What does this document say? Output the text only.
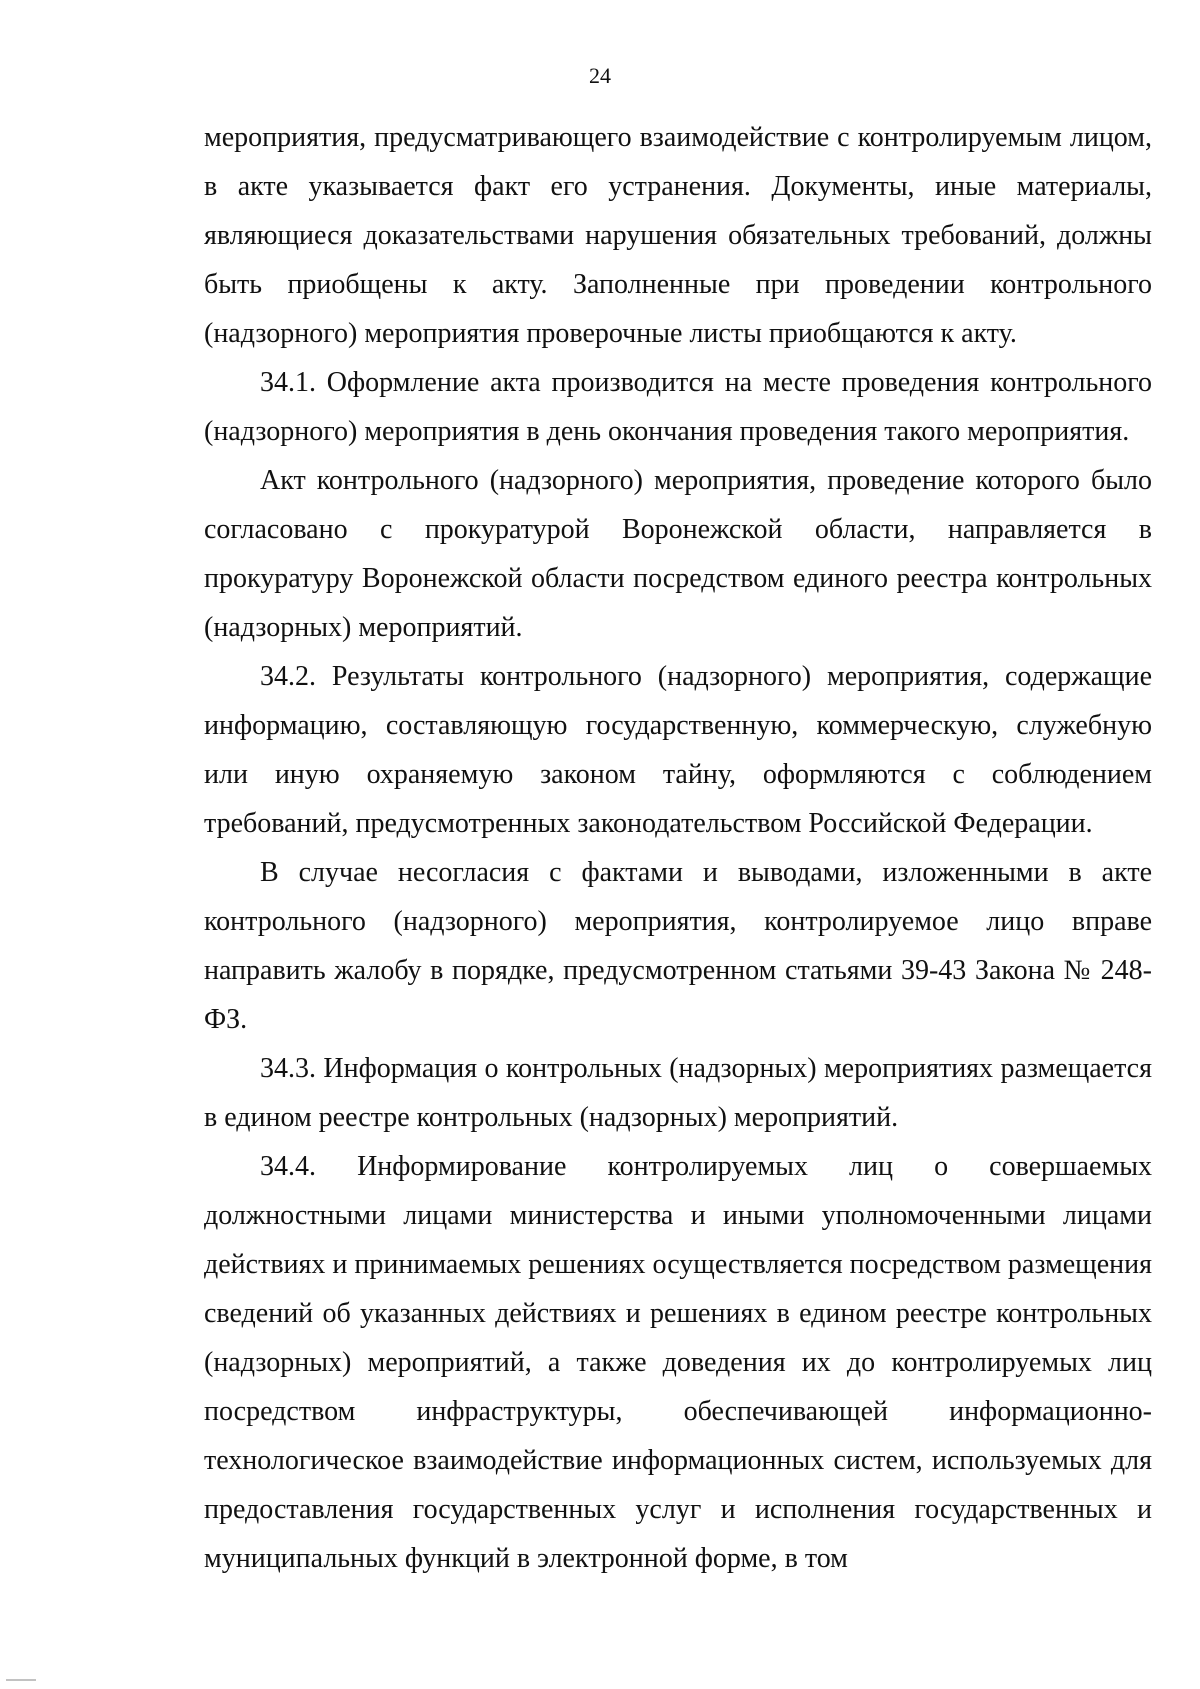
24

мероприятия, предусматривающего взаимодействие с контролируемым лицом, в акте указывается факт его устранения. Документы, иные материалы, являющиеся доказательствами нарушения обязательных требований, должны быть приобщены к акту. Заполненные при проведении контрольного (надзорного) мероприятия проверочные листы приобщаются к акту.

34.1. Оформление акта производится на месте проведения контрольного (надзорного) мероприятия в день окончания проведения такого мероприятия.

Акт контрольного (надзорного) мероприятия, проведение которого было согласовано с прокуратурой Воронежской области, направляется в прокуратуру Воронежской области посредством единого реестра контрольных (надзорных) мероприятий.

34.2. Результаты контрольного (надзорного) мероприятия, содержащие информацию, составляющую государственную, коммерческую, служебную или иную охраняемую законом тайну, оформляются с соблюдением требований, предусмотренных законодательством Российской Федерации.

В случае несогласия с фактами и выводами, изложенными в акте контрольного (надзорного) мероприятия, контролируемое лицо вправе направить жалобу в порядке, предусмотренном статьями 39-43 Закона № 248-ФЗ.

34.3. Информация о контрольных (надзорных) мероприятиях размещается в едином реестре контрольных (надзорных) мероприятий.

34.4. Информирование контролируемых лиц о совершаемых должностными лицами министерства и иными уполномоченными лицами действиях и принимаемых решениях осуществляется посредством размещения сведений об указанных действиях и решениях в едином реестре контрольных (надзорных) мероприятий, а также доведения их до контролируемых лиц посредством инфраструктуры, обеспечивающей информационно-технологическое взаимодействие информационных систем, используемых для предоставления государственных услуг и исполнения государственных и муниципальных функций в электронной форме, в том
